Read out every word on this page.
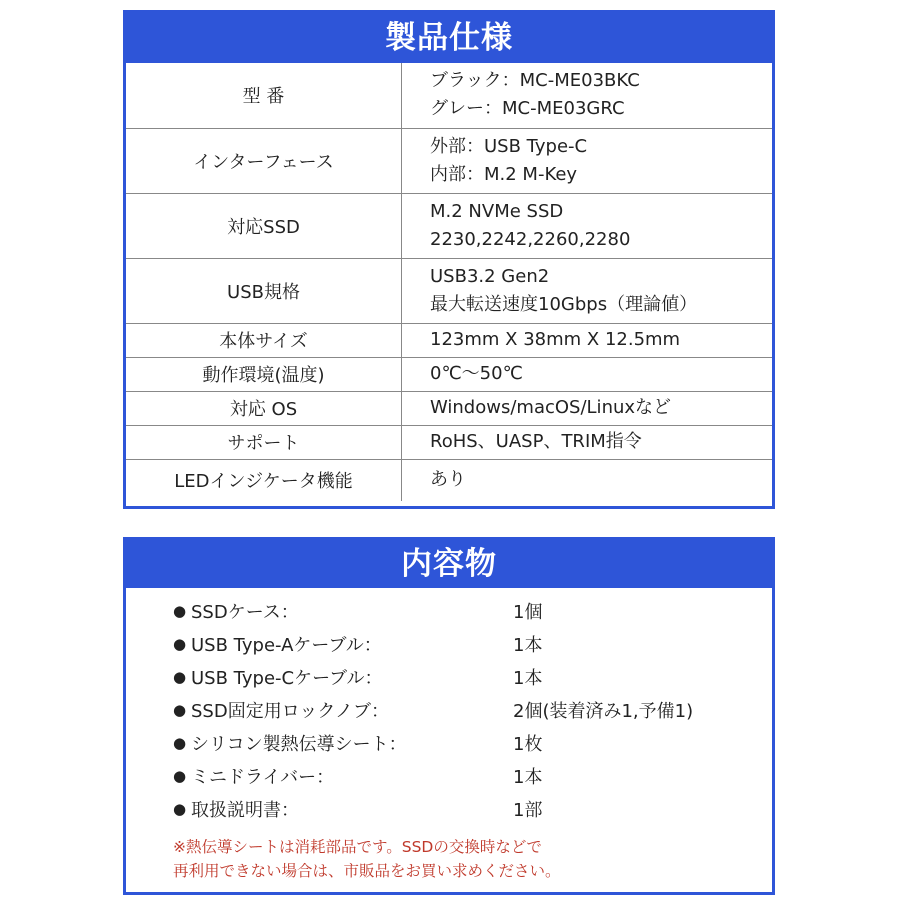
製品仕様
型 番	ブラック：MC-ME03BKC
グレー：MC-ME03GRC

インターフェース	外部：USB Type-C
内部：M.2 M-Key

対応SSD	M.2 NVMe SSD
2230,2242,2260,2280

USB規格	USB3.2 Gen2
最大転送速度10Gbps（理論値）

本体サイズ	123mm X 38mm X 12.5mm
動作環境(温度)	0℃～50℃
対応 OS	Windows/macOS/Linuxなど
サポート	RoHS、UASP、TRIM指令
LEDインジケータ機能	あり
内容物
● SSDケース：	1個
● USB Type-Aケーブル：	1本
● USB Type-Cケーブル：	1本
● SSD固定用ロックノブ：	2個(装着済み1,予備1)
● シリコン製熱伝導シート：	1枚
● ミニドライバー：	1本
● 取扱説明書：	1部
※熱伝導シートは消耗部品です。SSDの交換時などで
再利用できない場合は、市販品をお買い求めください。
